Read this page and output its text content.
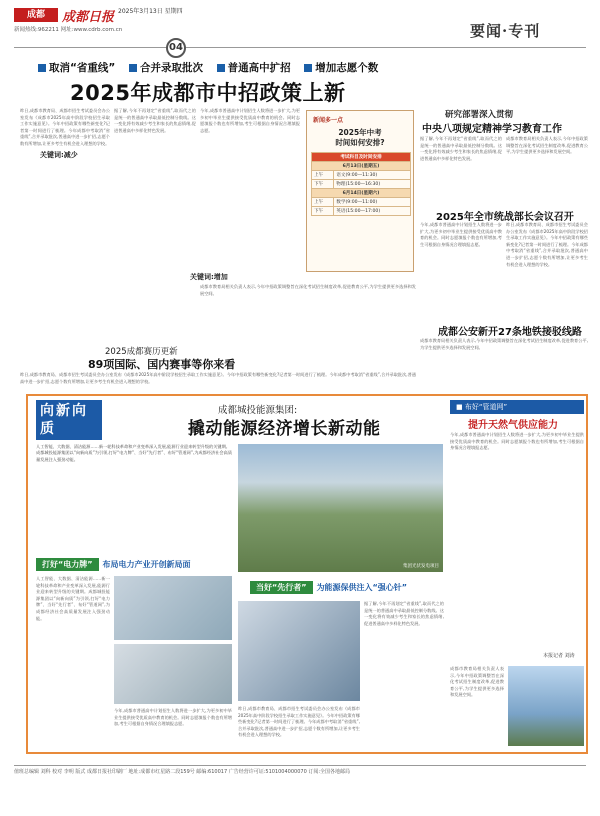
成都	成都日报 2025年3月13日 星期四
新闻热线:962211 网址:www.cdrb.com.cn	要闻·专刊
04
取消“省重线” 合并录取批次 普通高中扩招 增加志愿个数
2025年成都市中招政策上新
关键词:减少
关键词:增加
昨日,成都市教育局、成都市招生考试委员会办公室发布《成都市2025年高中阶段学校招生录取工作实施意见》。今年中招政策有哪些新变化?记者第一时间进行了梳理。今年成都中考取消“省重线”,合并录取批次,普通高中进一步扩招,志愿个数有所增加,让更多考生有机会进入理想的学校。
据了解,今年不再划定“省重线”,取而代之的是统一的普通高中录取最低控制分数线。这一变化将有效减少考生和家长的焦虑情绪,促进普通高中多样化特色发展。
今年,成都市普通高中计划招生人数将进一步扩大,为更多初中毕业生提供接受优质高中教育的机会。同时志愿填报个数也有所增加,考生可根据自身情况合理填报志愿。
成都市教育局相关负责人表示,今年中招政策调整旨在深化考试招生制度改革,促进教育公平,为学生提供更多选择和发展空间。
新闻多一点
2025年中考
时间如何安排?
考试科目及时间安排	
6月13日(星期五)	
上午	语文(9:00—11:30)
下午	物理(15:00—16:30)
6月14日(星期六)	
上午	数学(9:00—11:00)
下午	英语(15:00—17:00)
研究部署深入贯彻
中央八项规定精神学习教育工作
据了解,今年不再划定“省重线”,取而代之的是统一的普通高中录取最低控制分数线。这一变化将有效减少考生和家长的焦虑情绪,促进普通高中多样化特色发展。
成都市教育局相关负责人表示,今年中招政策调整旨在深化考试招生制度改革,促进教育公平,为学生提供更多选择和发展空间。
2025年全市统战部长会议召开
今年,成都市普通高中计划招生人数将进一步扩大,为更多初中毕业生提供接受优质高中教育的机会。同时志愿填报个数也有所增加,考生可根据自身情况合理填报志愿。
昨日,成都市教育局、成都市招生考试委员会办公室发布《成都市2025年高中阶段学校招生录取工作实施意见》。今年中招政策有哪些新变化?记者第一时间进行了梳理。今年成都中考取消“省重线”,合并录取批次,普通高中进一步扩招,志愿个数有所增加,让更多考生有机会进入理想的学校。
成都公安新开27条地铁接驳线路
成都市教育局相关负责人表示,今年中招政策调整旨在深化考试招生制度改革,促进教育公平,为学生提供更多选择和发展空间。
2025成都赛历更新
89项国际、国内赛事等你来看
昨日,成都市教育局、成都市招生考试委员会办公室发布《成都市2025年高中阶段学校招生录取工作实施意见》。今年中招政策有哪些新变化?记者第一时间进行了梳理。今年成都中考取消“省重线”,合并录取批次,普通高中进一步扩招,志愿个数有所增加,让更多考生有机会进入理想的学校。
向新向质
成都城投能源集团:
撬动能源经济增长新动能
■ 布好“管道网”
提升天然气供应能力
人工智能、大数据、清洁能源……新一轮科技革命和产业变革深入发展,能源行业迎来转型升级的关键期。成都城投能源集团以“向新向质”为引领,打好“电力牌”、当好“先行者”、布好“管道网”,为成都经济社会高质量发展注入强劲动能。
集团光伏发电项目
打好“电力牌” 布局电力产业开创新局面
人工智能、大数据、清洁能源……新一轮科技革命和产业变革深入发展,能源行业迎来转型升级的关键期。成都城投能源集团以“向新向质”为引领,打好“电力牌”、当好“先行者”、布好“管道网”,为成都经济社会高质量发展注入强劲动能。
今年,成都市普通高中计划招生人数将进一步扩大,为更多初中毕业生提供接受优质高中教育的机会。同时志愿填报个数也有所增加,考生可根据自身情况合理填报志愿。
当好“先行者” 为能源保供注入“强心针”
据了解,今年不再划定“省重线”,取而代之的是统一的普通高中录取最低控制分数线。这一变化将有效减少考生和家长的焦虑情绪,促进普通高中多样化特色发展。
昨日,成都市教育局、成都市招生考试委员会办公室发布《成都市2025年高中阶段学校招生录取工作实施意见》。今年中招政策有哪些新变化?记者第一时间进行了梳理。今年成都中考取消“省重线”,合并录取批次,普通高中进一步扩招,志愿个数有所增加,让更多考生有机会进入理想的学校。
今年,成都市普通高中计划招生人数将进一步扩大,为更多初中毕业生提供接受优质高中教育的机会。同时志愿填报个数也有所增加,考生可根据自身情况合理填报志愿。
本报记者 刘涛
成都市教育局相关负责人表示,今年中招政策调整旨在深化考试招生制度改革,促进教育公平,为学生提供更多选择和发展空间。
值班总编辑 刘科 校对 李明 版式 成都日报社印刷厂 地址:成都市红星路二段159号 邮编:610017 广告经营许可证:5101004000070 订阅:全国各地邮局
